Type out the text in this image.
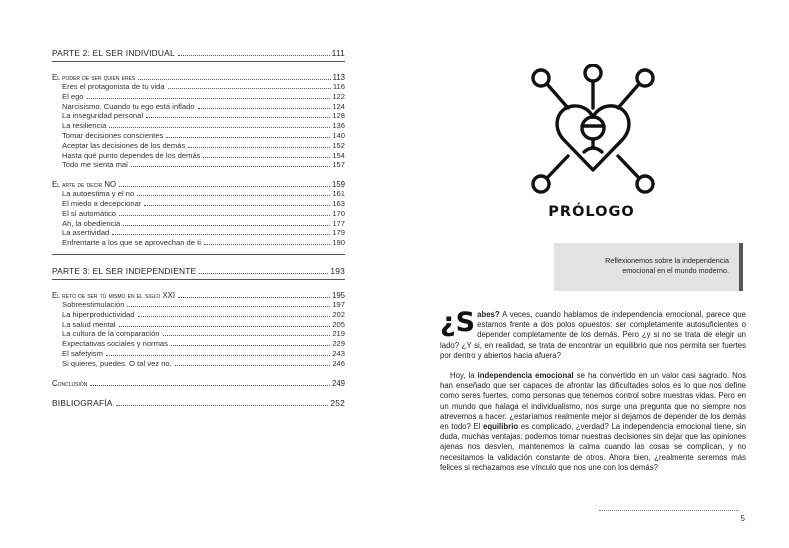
PARTE 2: EL SER INDIVIDUAL	111
El poder de ser quien eres	113
Eres el protagonista de tu vida	116
El ego	122
Narcisismo. Cuando tu ego está inflado	124
La inseguridad personal	128
La resiliencia	136
Tomar decisiones conscientes	140
Aceptar las decisiones de los demás	152
Hasta qué punto dependes de los demás	154
Todo me sienta mal	157
El arte de decir NO	159
La autoestima y el no	161
El miedo a decepcionar	163
El sí automático	170
Ah, la obediencia	177
La asertividad	179
Enfrentarte a los que se aprovechan de ti	190
PARTE 3: EL SER INDEPENDIENTE	193
El reto de ser tú mismo en el siglo XXI	195
Sobreestimulación	197
La hiperproductividad	202
La salud mental	205
La cultura de la comparación	219
Expectativas sociales y normas	229
El safetyism	243
Si quieres, puedes. O tal vez no.	246
Conclusión	249
BIBLIOGRAFÍA	252
PRÓLOGO
Reflexionemos sobre la independencia emocional en el mundo moderno.

¿S abes? A veces, cuando hablamos de independencia emocional, parece que estamos frente a dos polos opuestos: ser completamente autosuficientes o depender completamente de los demás. Pero ¿y si no se trata de elegir un lado? ¿Y si, en realidad, se trata de encontrar un equilibrio que nos permita ser fuertes por dentro y abiertos hacia afuera?

Hoy, la independencia emocional se ha convertido en un valor casi sagrado. Nos han enseñado que ser capaces de afrontar las dificultades solos es lo que nos define como seres fuertes, como personas que tenemos control sobre nuestras vidas. Pero en un mundo que halaga el individualismo, nos surge una pregunta que no siempre nos atrevemos a hacer: ¿estaríamos realmente mejor si dejamos de depender de los demás en todo? El equilibrio es complicado, ¿verdad? La independencia emocional tiene, sin duda, muchas ventajas: podemos tomar nuestras decisiones sin dejar que las opiniones ajenas nos desvíen, mantenemos la calma cuando las cosas se complican, y no necesitamos la validación constante de otros. Ahora bien, ¿realmente seremos más felices si rechazamos ese vínculo que nos une con los demás?

5
